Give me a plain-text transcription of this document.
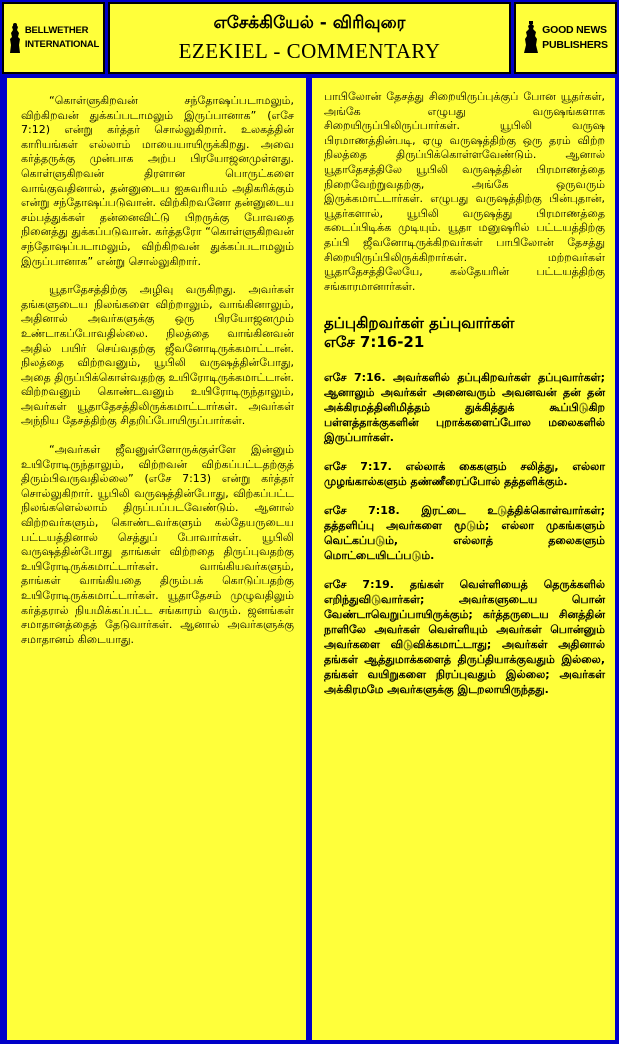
BELLWETHER
INTERNATIONAL
எசேக்கியேல் - விரிவுரை
EZEKIEL - COMMENTARY
GOOD NEWS
PUBLISHERS

“கொள்ளுகிறவன் சந்தோஷப்படாமலும், விற்கிறவன் துக்கப்படாமலும் இருப்பானாக” (எசே 7:12) என்று கர்த்தர் சொல்லுகிறார். உலகத்தின் காரியங்கள் எல்லாம் மாயையாயிருக்கிறது. அவை கர்த்தருக்கு முன்பாக அற்ப பிரயோஜனமுள்ளது. கொள்ளுகிறவன் திரளான பொருட்களை வாங்குவதினால், தன்னுடைய ஐசுவரியம் அதிகரிக்கும் என்று சந்தோஷப்படுவான். விற்கிறவனோ தன்னுடைய சம்பத்துக்கள் தன்னைவிட்டு பிறருக்கு போவதை நினைத்து துக்கப்படுவான். கர்த்தரோ “கொள்ளுகிறவன் சந்தோஷப்படாமலும், விற்கிறவன் துக்கப்படாமலும் இருப்பானாக” என்று சொல்லுகிறார்.

யூதாதேசத்திற்கு அழிவு வருகிறது. அவர்கள் தங்களுடைய நிலங்களை விற்றாலும், வாங்கினாலும், அதினால் அவர்களுக்கு ஒரு பிரயோஜனமும் உண்டாகப்போவதில்லை. நிலத்தை வாங்கினவன் அதில் பயிர் செய்வதற்கு ஜீவனோடிருக்கமாட்டான். நிலத்தை விற்றவனும், யூபிலி வருஷத்தின்போது, அதை திருப்பிக்கொள்வதற்கு உயிரோடிருக்கமாட்டான். விற்றவனும் கொண்டவனும் உயிரோடிருந்தாலும், அவர்கள் யூதாதேசத்திலிருக்கமாட்டார்கள். அவர்கள் அந்நிய தேசத்திற்கு சிதறிப்போயிருப்பார்கள்.

“அவர்கள் ஜீவனுள்ளோருக்குள்ளே இன்னும் உயிரோடிருந்தாலும், விற்றவன் விற்கப்பட்டதற்குத் திரும்பிவருவதில்லை” (எசே 7:13) என்று கர்த்தர் சொல்லுகிறார். யூபிலி வருஷத்தின்போது, விற்கப்பட்ட நிலங்களெல்லாம் திருப்பப்படவேண்டும். ஆனால் விற்றவர்களும், கொண்டவர்களும் கல்தேயருடைய பட்டயத்தினால் செத்துப் போவார்கள். யூபிலி வருஷத்தின்போது தாங்கள் விற்றதை திருப்புவதற்கு உயிரோடிருக்கமாட்டார்கள். வாங்கியவர்களும், தாங்கள் வாங்கியதை திரும்பக் கொடுப்பதற்கு உயிரோடிருக்கமாட்டார்கள். யூதாதேசம் முழுவதிலும் கர்த்தரால் நியமிக்கப்பட்ட சங்காரம் வரும். ஜனங்கள் சமாதானத்தைத் தேடுவார்கள். ஆனால் அவர்களுக்கு சமாதானம் கிடையாது.

பாபிலோன் தேசத்து சிறையிருப்புக்குப் போன யூதர்கள், அங்கே எழுபது வருஷங்களாக சிறையிருப்பிலிருப்பார்கள். யூபிலி வருஷ பிரமாணத்தின்படி, ஏழு வருஷத்திற்கு ஒரு தரம் விற்ற நிலத்தை திருப்பிக்கொள்ளவேண்டும். ஆனால் யூதாதேசத்திலே யூபிலி வருஷத்தின் பிரமாணத்தை நிறைவேற்றுவதற்கு, அங்கே ஒருவரும் இருக்கமாட்டார்கள். எழுபது வருஷத்திற்கு பின்புதான், யூதர்களால், யூபிலி வருஷத்து பிரமாணத்தை கடைப்பிடிக்க முடியும். யூதா மனுஷரில் பட்டயத்திற்கு தப்பி ஜீவனோடிருக்கிறவர்கள் பாபிலோன் தேசத்து சிறையிருப்பிலிருக்கிறார்கள். மற்றவர்கள் யூதாதேசத்திலேயே, கல்தேயரின் பட்டயத்திற்கு சங்காரமானார்கள்.

தப்புகிறவர்கள் தப்புவார்கள்
எசே 7:16-21

எசே 7:16. அவர்களில் தப்புகிறவர்கள் தப்புவார்கள்; ஆனாலும் அவர்கள் அனைவரும் அவனவன் தன் தன் அக்கிரமத்தினிமித்தம் துக்கித்துக் கூப்பிடுகிற பள்ளத்தாக்குகளின் புறாக்களைப்போல மலைகளில் இருப்பார்கள்.

எசே 7:17. எல்லாக் கைகளும் சலித்து, எல்லா முழங்கால்களும் தண்ணீரைப்போல் தத்தளிக்கும்.

எசே 7:18. இரட்டை உடுத்திக்கொள்வார்கள்; தத்தளிப்பு அவர்களை மூடும்; எல்லா முகங்களும் வெட்கப்படும், எல்லாத் தலைகளும் மொட்டையிடப்படும்.

எசே 7:19. தங்கள் வெள்ளியைத் தெருக்களில் எறிந்துவிடுவார்கள்; அவர்களுடைய பொன் வேண்டாவெறுப்பாயிருக்கும்; கர்த்தருடைய சினத்தின் நாளிலே அவர்கள் வெள்ளியும் அவர்கள் பொன்னும் அவர்களை விடுவிக்கமாட்டாது; அவர்கள் அதினால் தங்கள் ஆத்துமாக்களைத் திருப்தியாக்குவதும் இல்லை, தங்கள் வயிறுகளை நிரப்புவதும் இல்லை; அவர்கள் அக்கிரமமே அவர்களுக்கு இடறலாயிருந்தது.
